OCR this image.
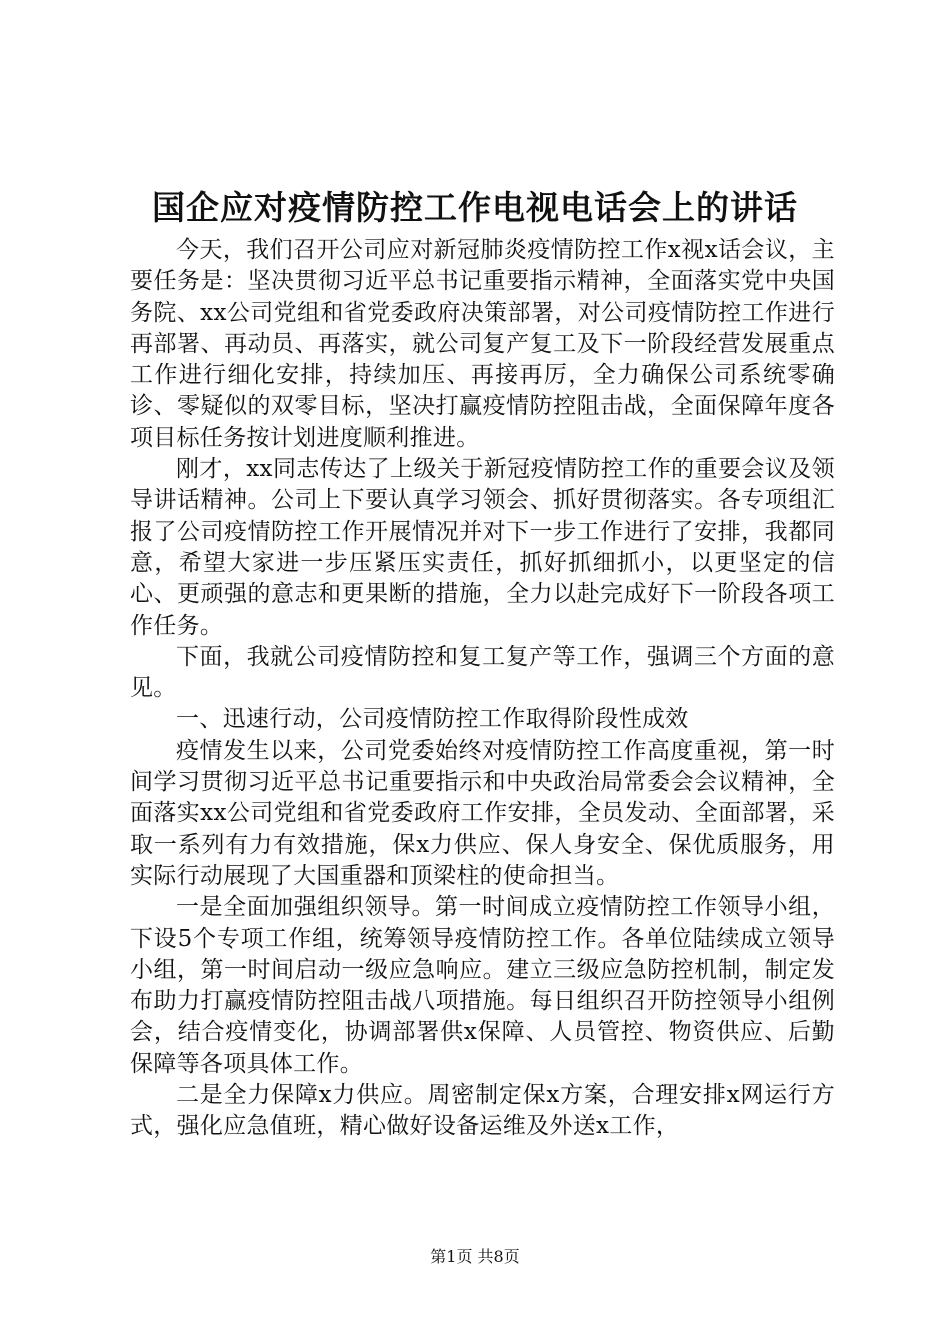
国企应对疫情防控工作电视电话会上的讲话

今天，我们召开公司应对新冠肺炎疫情防控工作x视x话会议，主要任务是：坚决贯彻习近平总书记重要指示精神，全面落实党中央国务院、xx公司党组和省党委政府决策部署，对公司疫情防控工作进行再部署、再动员、再落实，就公司复产复工及下一阶段经营发展重点工作进行细化安排，持续加压、再接再厉，全力确保公司系统零确诊、零疑似的双零目标，坚决打赢疫情防控阻击战，全面保障年度各项目标任务按计划进度顺利推进。

刚才，xx同志传达了上级关于新冠疫情防控工作的重要会议及领导讲话精神。公司上下要认真学习领会、抓好贯彻落实。各专项组汇报了公司疫情防控工作开展情况并对下一步工作进行了安排，我都同意，希望大家进一步压紧压实责任，抓好抓细抓小，以更坚定的信心、更顽强的意志和更果断的措施，全力以赴完成好下一阶段各项工作任务。

下面，我就公司疫情防控和复工复产等工作，强调三个方面的意见。

一、迅速行动，公司疫情防控工作取得阶段性成效

疫情发生以来，公司党委始终对疫情防控工作高度重视，第一时间学习贯彻习近平总书记重要指示和中央政治局常委会会议精神，全面落实xx公司党组和省党委政府工作安排，全员发动、全面部署，采取一系列有力有效措施，保x力供应、保人身安全、保优质服务，用实际行动展现了大国重器和顶梁柱的使命担当。

一是全面加强组织领导。第一时间成立疫情防控工作领导小组，下设5个专项工作组，统筹领导疫情防控工作。各单位陆续成立领导小组，第一时间启动一级应急响应。建立三级应急防控机制，制定发布助力打赢疫情防控阻击战八项措施。每日组织召开防控领导小组例会，结合疫情变化，协调部署供x保障、人员管控、物资供应、后勤保障等各项具体工作。

二是全力保障x力供应。周密制定保x方案，合理安排x网运行方式，强化应急值班，精心做好设备运维及外送x工作，

第1页 共8页
